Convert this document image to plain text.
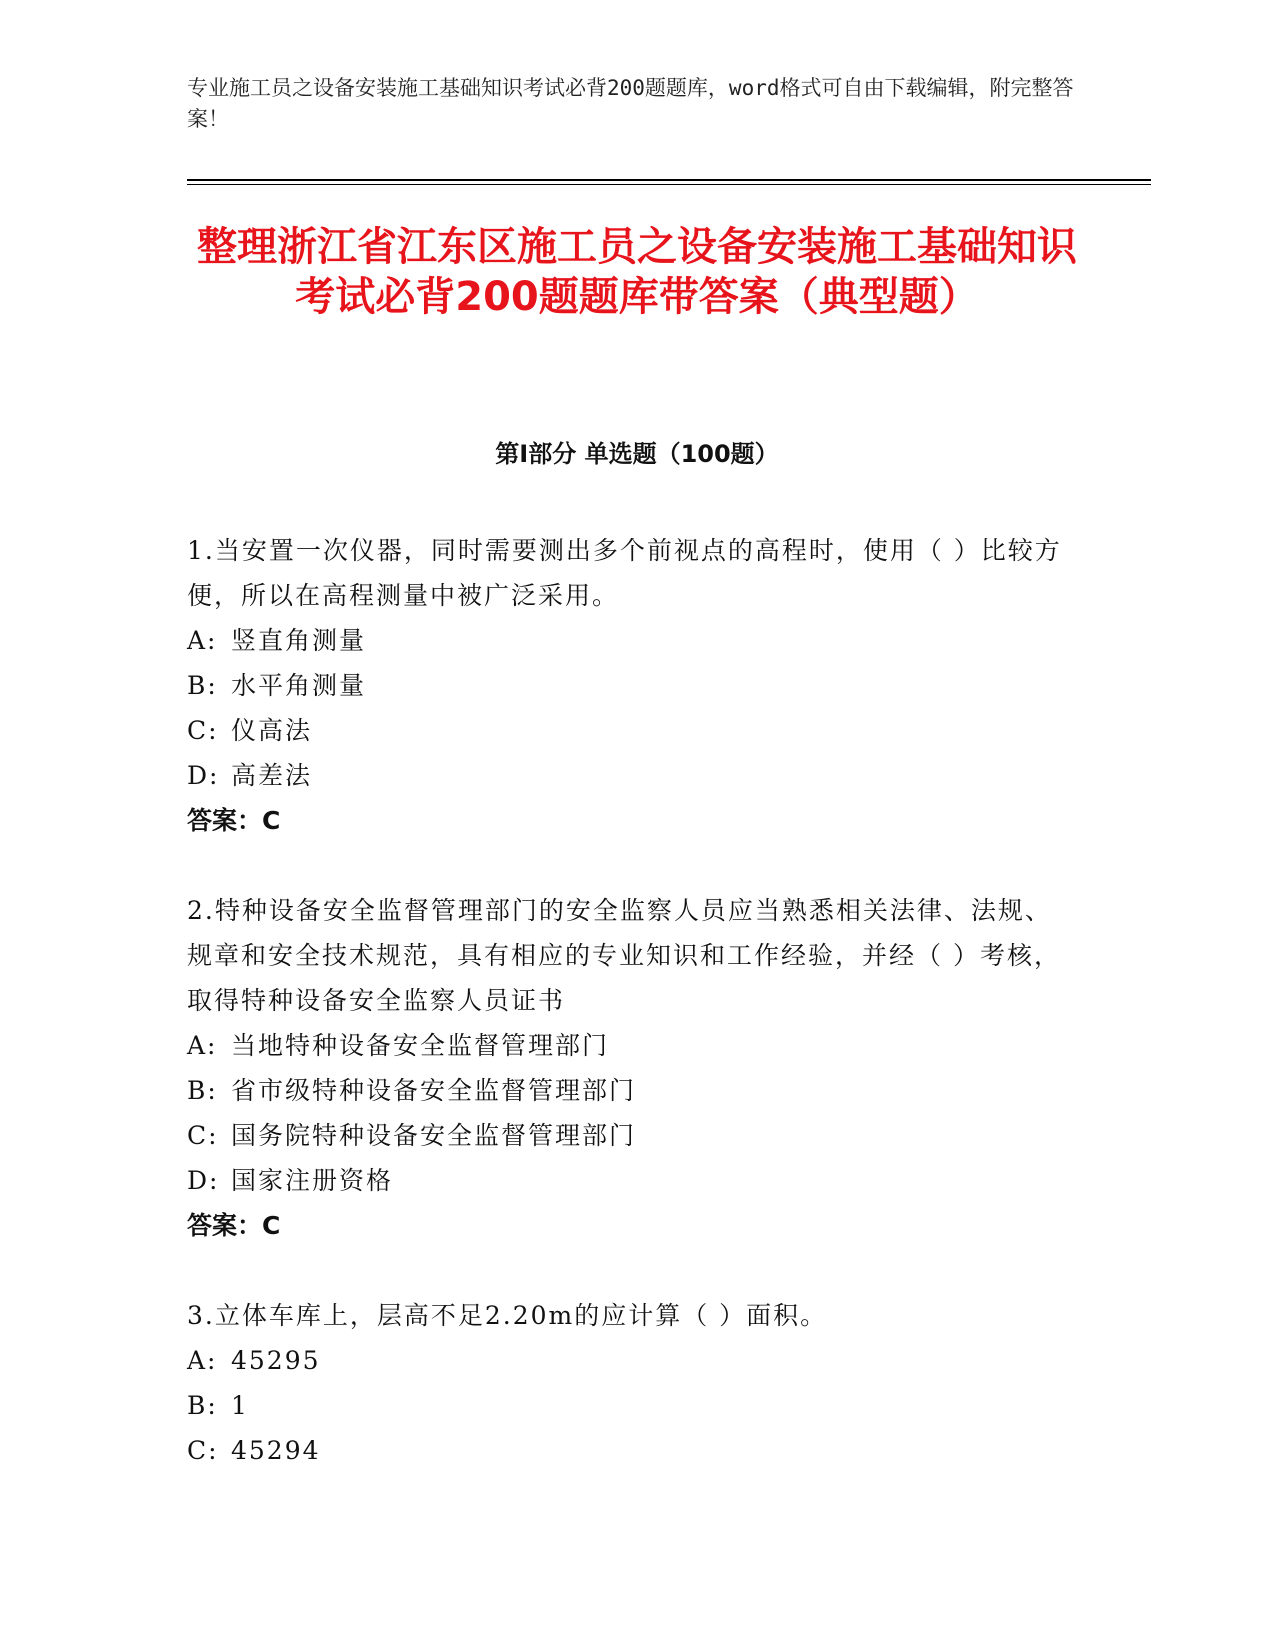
专业施工员之设备安装施工基础知识考试必背200题题库，word格式可自由下载编辑，附完整答案！

整理浙江省江东区施工员之设备安装施工基础知识考试必背200题题库带答案（典型题）
第I部分 单选题（100题）

1.当安置一次仪器，同时需要测出多个前视点的高程时，使用（ ）比较方便，所以在高程测量中被广泛采用。

A: 竖直角测量
B: 水平角测量
C: 仪高法
D: 高差法

答案：C

2.特种设备安全监督管理部门的安全监察人员应当熟悉相关法律、法规、规章和安全技术规范，具有相应的专业知识和工作经验，并经（ ）考核，取得特种设备安全监察人员证书

A: 当地特种设备安全监督管理部门
B: 省市级特种设备安全监督管理部门
C: 国务院特种设备安全监督管理部门
D: 国家注册资格

答案：C

3.立体车库上，层高不足2.20m的应计算（ ）面积。

A: 45295
B: 1
C: 45294
